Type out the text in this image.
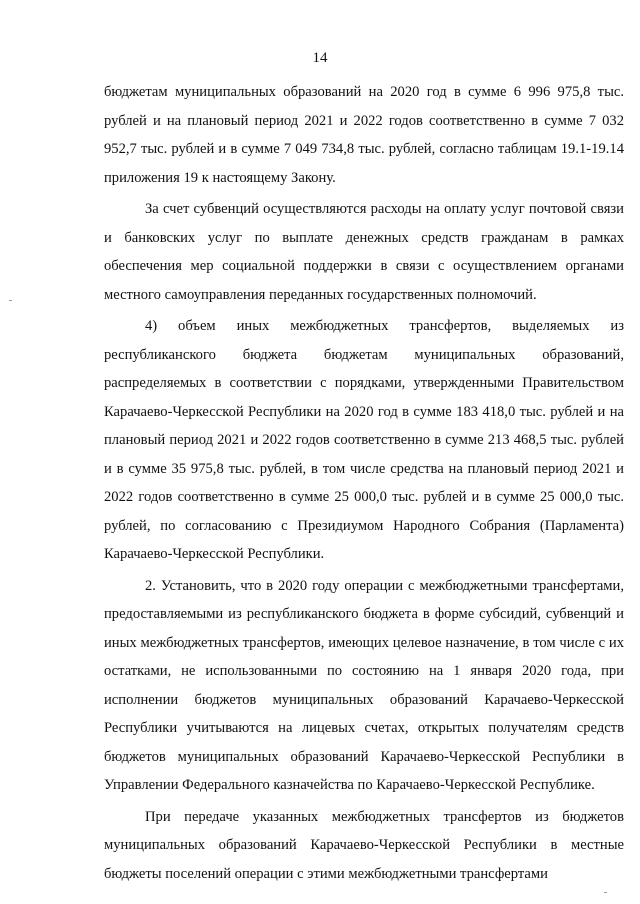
14

бюджетам муниципальных образований на 2020 год в сумме 6 996 975,8 тыс. рублей и на плановый период 2021 и 2022 годов соответственно в сумме 7 032 952,7 тыс. рублей и в сумме 7 049 734,8 тыс. рублей, согласно таблицам 19.1-19.14 приложения 19 к настоящему Закону.

За счет субвенций осуществляются расходы на оплату услуг почтовой связи и банковских услуг по выплате денежных средств гражданам в рамках обеспечения мер социальной поддержки в связи с осуществлением органами местного самоуправления переданных государственных полномочий.

4) объем иных межбюджетных трансфертов, выделяемых из республиканского бюджета бюджетам муниципальных образований, распределяемых в соответствии с порядками, утвержденными Правительством Карачаево-Черкесской Республики на 2020 год в сумме 183 418,0 тыс. рублей и на плановый период 2021 и 2022 годов соответственно в сумме 213 468,5 тыс. рублей и в сумме 35 975,8 тыс. рублей, в том числе средства на плановый период 2021 и 2022 годов соответственно в сумме 25 000,0 тыс. рублей и в сумме 25 000,0 тыс. рублей, по согласованию с Президиумом Народного Собрания (Парламента) Карачаево-Черкесской Республики.

2. Установить, что в 2020 году операции с межбюджетными трансфертами, предоставляемыми из республиканского бюджета в форме субсидий, субвенций и иных межбюджетных трансфертов, имеющих целевое назначение, в том числе с их остатками, не использованными по состоянию на 1 января 2020 года, при исполнении бюджетов муниципальных образований Карачаево-Черкесской Республики учитываются на лицевых счетах, открытых получателям средств бюджетов муниципальных образований Карачаево-Черкесской Республики в Управлении Федерального казначейства по Карачаево-Черкесской Республике.

При передаче указанных межбюджетных трансфертов из бюджетов муниципальных образований Карачаево-Черкесской Республики в местные бюджеты поселений операции с этими межбюджетными трансфертами
